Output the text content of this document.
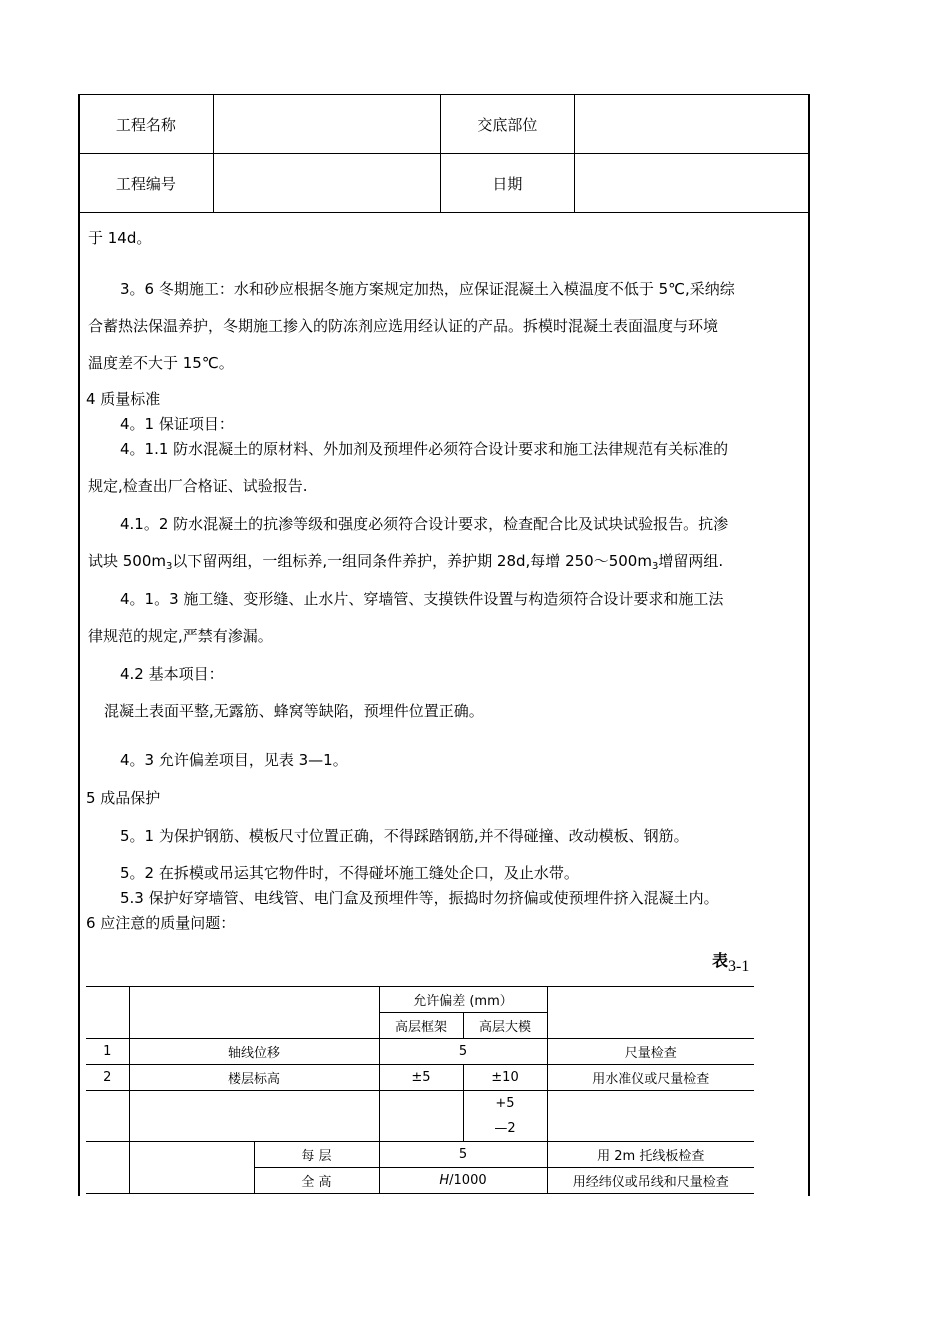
工程名称		交底部位	
工程编号		日期	
于 14d。
3。6 冬期施工：水和砂应根据冬施方案规定加热，应保证混凝土入模温度不低于 5℃,采纳综
合蓄热法保温养护，冬期施工掺入的防冻剂应选用经认证的产品。拆模时混凝土表面温度与环境
温度差不大于 15℃。
4 质量标准
4。1 保证项目：
4。1.1 防水混凝土的原材料、外加剂及预埋件必须符合设计要求和施工法律规范有关标准的
规定,检查出厂合格证、试验报告.
4.1。2 防水混凝土的抗渗等级和强度必须符合设计要求，检查配合比及试块试验报告。抗渗
试块 $500m_3$以下留两组，一组标养,一组同条件养护，养护期 28d,每增 $250\sim 500m_3$增留两组.
4。1。3 施工缝、变形缝、止水片、穿墙管、支摸铁件设置与构造须符合设计要求和施工法
律规范的规定,严禁有渗漏。
4.2 基本项目：
混凝土表面平整,无露筋、蜂窝等缺陷，预埋件位置正确。
4。3 允许偏差项目，见表 3—1。
5 成品保护
5。1 为保护钢筋、模板尺寸位置正确，不得踩踏钢筋,并不得碰撞、改动模板、钢筋。
5。2 在拆模或吊运其它物件时，不得碰坏施工缝处企口，及止水带。
5.3 保护好穿墙管、电线管、电门盒及预埋件等，振捣时勿挤偏或使预埋件挤入混凝土内。
6 应注意的质量问题：
表3-1
			允许偏差 (mm）		
			高层框架	高层大模	
1	轴线位移		5		尺量检查
2	楼层标高		±5	±10	用水准仪或尺量检查

				+5
—2	

		每 层	5		用 2m 托线板检查
		全 高	H/1000		用经纬仪或吊线和尺量检查
